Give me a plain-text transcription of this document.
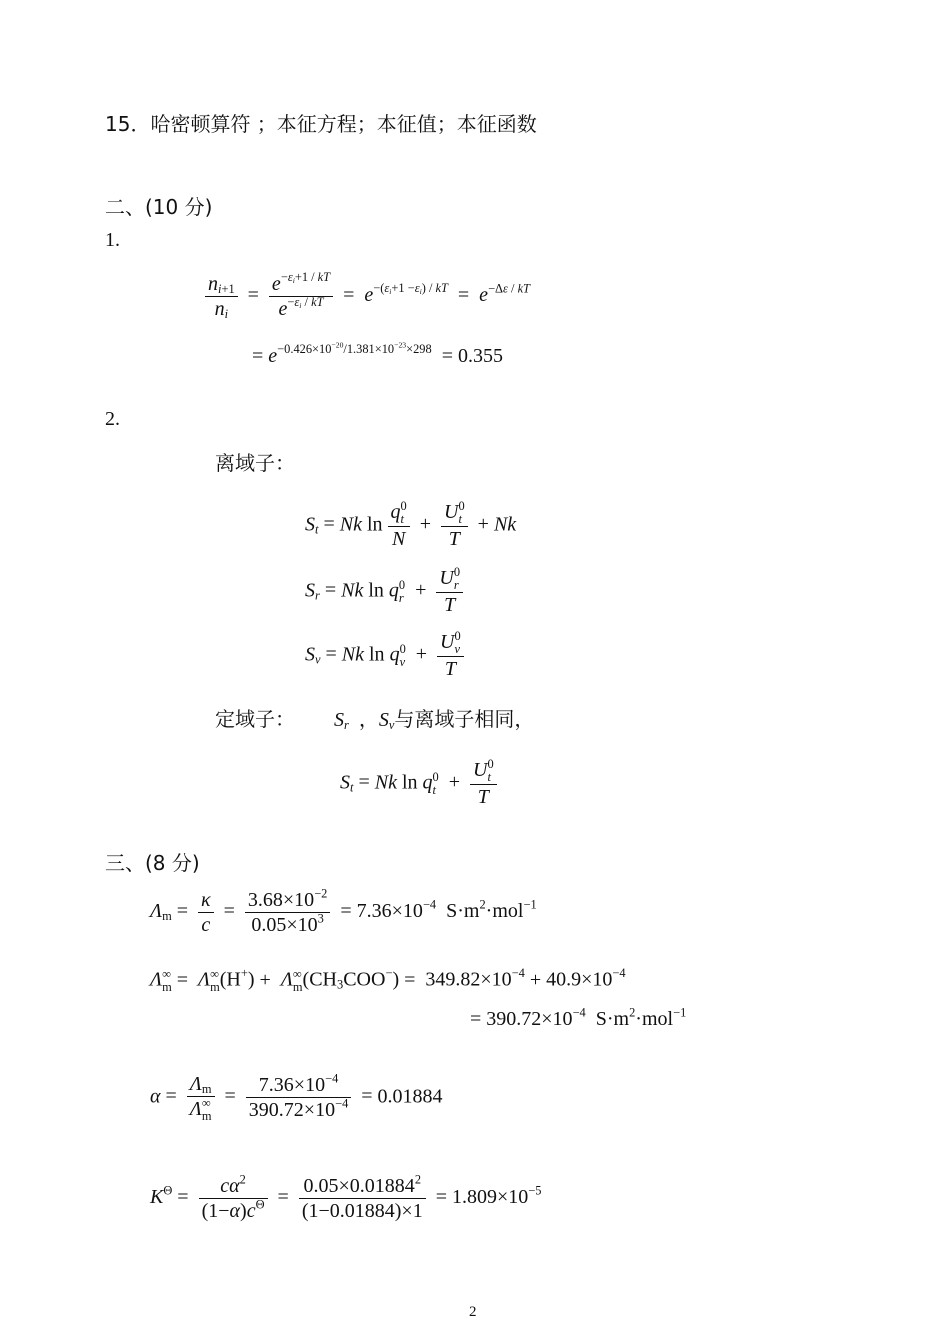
15．哈密顿算符 ；本征方程；本征值；本征函数
二、(10 分)
1.
$\frac{n_{i+1}}{n_i} = \frac{e^{-\varepsilon_i+1 / kT}}{e^{-\varepsilon_i / kT}} = e^{-(\varepsilon_i+1 -\varepsilon_i) / kT} = e^{-\Delta\varepsilon / kT}$
= $e^{-0.426\times 10^{-20}/1.381\times 10^{-23}\times 298} = 0.355$
2.
离域子：
$S_t = Nk$ ln q 0
t
N + U 0
t
T + Nk
$S_r = Nk$ ln q 0
r + U 0
r
T
$S_v = Nk$ ln q 0
v + U 0
v
T
定域子： $S_r$  ，$S_v$与离域子相同，
$S_t = Nk$ ln q 0
t + U 0
t
T
三、(8 分)
$\Lambda_m = \frac{\kappa}{c} = \frac{3.68\times 10^{-2}}{0.05\times 10^3} = 7.36\times 10^{-4}$ $S\cdot m^2\cdot mol^{-1}$
Λ ∞
m = Λ ∞
m (H+) + Λ ∞
m $(CH_3COO^-) = 349.82\times 10^{-4} + 40.9\times 10^{-4}$
= $390.72\times 10^{-4}$ $S\cdot m^2\cdot mol^{-1}$
$\alpha = \Lambda_m$
Λ ∞
$m = \frac{7.36\times 10^{-4}}{390.72\times 10^{-4}} = 0.01884$
$K^\Theta = \frac{c\alpha^2}{(1-\alpha)c^\Theta} = \frac{0.05\times 0.01884^2}{(1-0.01884)\times 1} = 1.809\times 10^{-5}$
2
